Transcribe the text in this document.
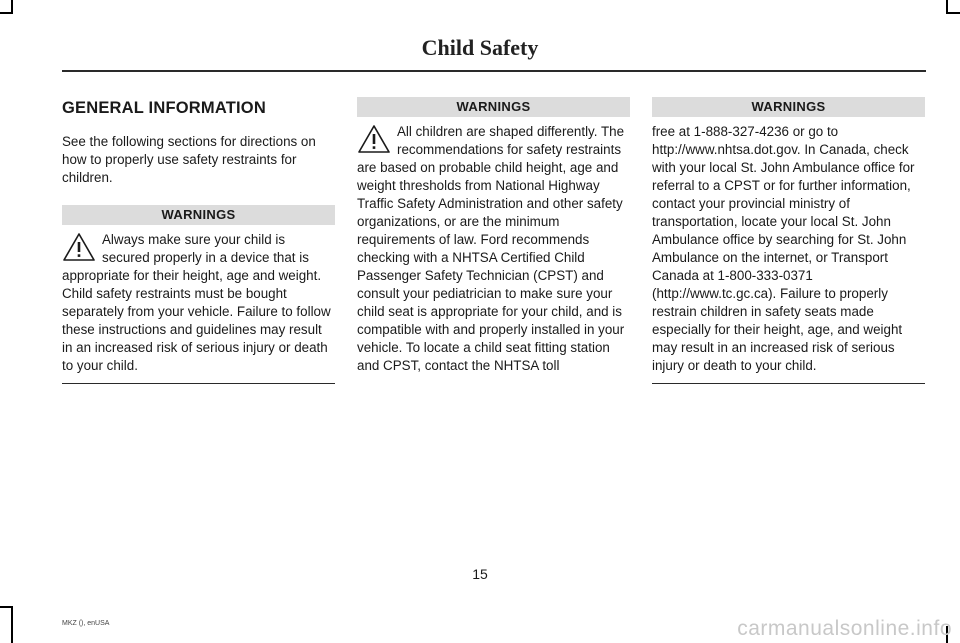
Child Safety
GENERAL INFORMATION

See the following sections for directions on how to properly use safety restraints for children.

WARNINGS
Always make sure your child is secured properly in a device that is appropriate for their height, age and weight. Child safety restraints must be bought separately from your vehicle. Failure to follow these instructions and guidelines may result in an increased risk of serious injury or death to your child.
WARNINGS
All children are shaped differently. The recommendations for safety restraints are based on probable child height, age and weight thresholds from National Highway Traffic Safety Administration and other safety organizations, or are the minimum requirements of law. Ford recommends checking with a NHTSA Certified Child Passenger Safety Technician (CPST) and consult your pediatrician to make sure your child seat is appropriate for your child, and is compatible with and properly installed in your vehicle. To locate a child seat fitting station and CPST, contact the NHTSA toll
WARNINGS
free at 1-888-327-4236 or go to http://www.nhtsa.dot.gov. In Canada, check with your local St. John Ambulance office for referral to a CPST or for further information, contact your provincial ministry of transportation, locate your local St. John Ambulance office by searching for St. John Ambulance on the internet, or Transport Canada at 1-800-333-0371 (http://www.tc.gc.ca). Failure to properly restrain children in safety seats made especially for their height, age, and weight may result in an increased risk of serious injury or death to your child.
15
MKZ (), enUSA	carmanualsonline.info
